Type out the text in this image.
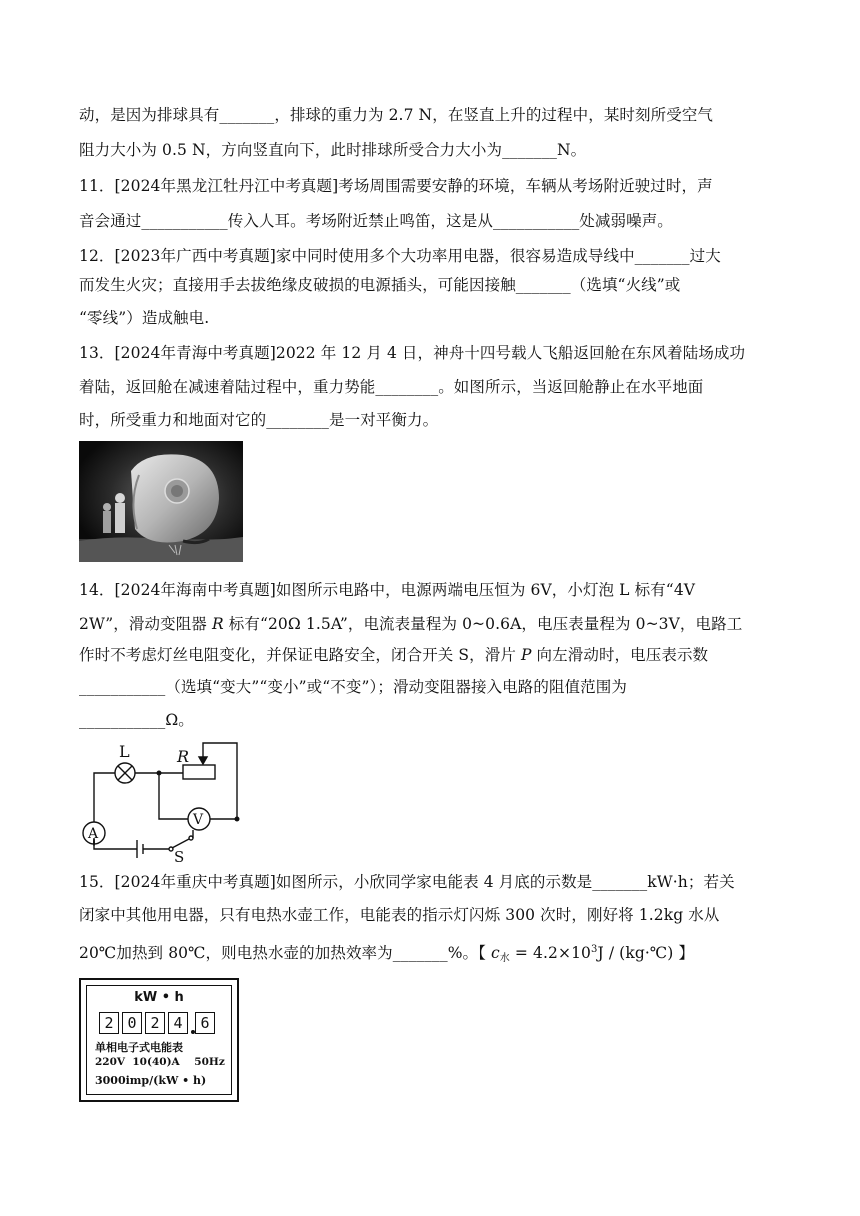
动，是因为排球具有_______，排球的重力为 2.7 N，在竖直上升的过程中，某时刻所受空气
阻力大小为 0.5 N，方向竖直向下，此时排球所受合力大小为_______N。
11．[2024年黑龙江牡丹江中考真题]考场周围需要安静的环境，车辆从考场附近驶过时，声
音会通过___________传入人耳。考场附近禁止鸣笛，这是从___________处减弱噪声。
12．[2023年广西中考真题]家中同时使用多个大功率用电器，很容易造成导线中_______过大
而发生火灾；直接用手去拔绝缘皮破损的电源插头，可能因接触_______（选填“火线”或
“零线”）造成触电.
13．[2024年青海中考真题]2022 年 12 月 4 日，神舟十四号载人飞船返回舱在东风着陆场成功
着陆，返回舱在减速着陆过程中，重力势能________。如图所示，当返回舱静止在水平地面
时，所受重力和地面对它的________是一对平衡力。
14．[2024年海南中考真题]如图所示电路中，电源两端电压恒为 6V，小灯泡 L 标有“4V
2W”，滑动变阻器 R 标有“20Ω 1.5A”，电流表量程为 0~0.6A，电压表量程为 0~3V，电路工
作时不考虑灯丝电阻变化，并保证电路安全，闭合开关 S，滑片 P 向左滑动时，电压表示数
___________（选填“变大”“变小”或“不变”）；滑动变阻器接入电路的阻值范围为
___________Ω。
L	R
A
V
S
15．[2024年重庆中考真题]如图所示，小欣同学家电能表 4 月底的示数是_______kW·h；若关
闭家中其他用电器，只有电热水壶工作，电能表的指示灯闪烁 300 次时，刚好将 1.2kg 水从
20℃加热到 80℃，则电热水壶的加热效率为_______%。【 $c_水 = 4.2\times 10^3J$ / (kg·℃) 】
kW • h
2 0 2 4	6
单相电子式电能表
220V  10(40)A    50Hz
3000imp/(kW • h)
